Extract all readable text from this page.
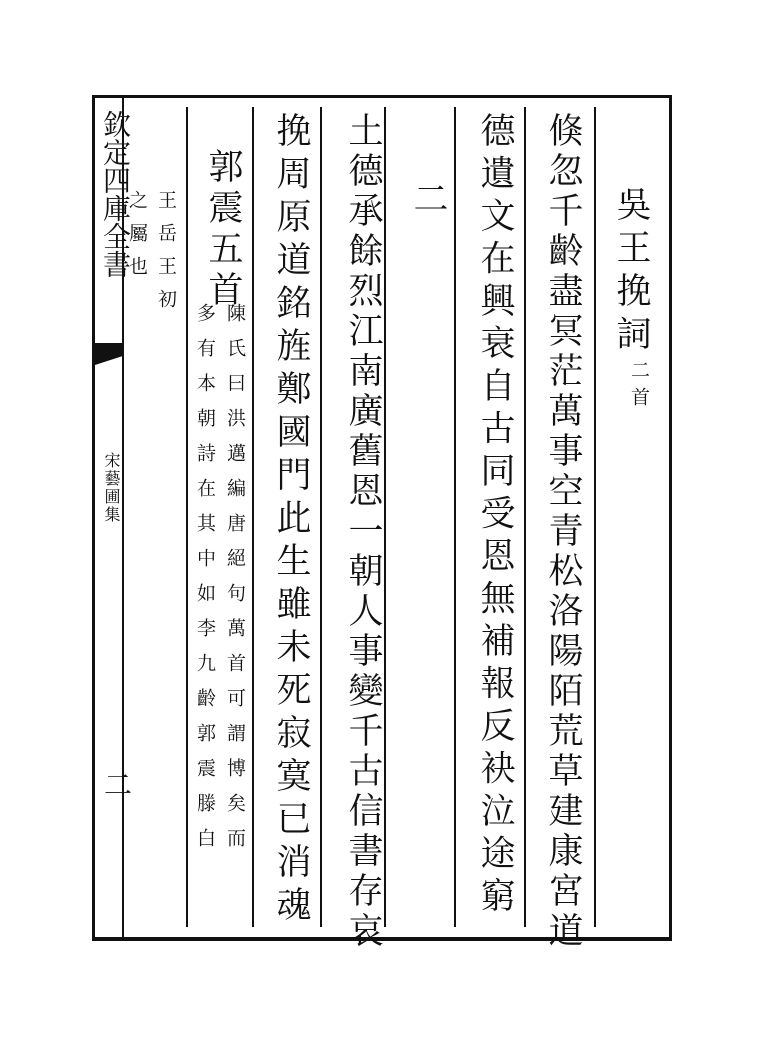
欽定四庫全書
宋藝圃集
二	倏忽千齡盡冥茫萬事空青松洛陽陌荒草建康宮道 吳王挽詞
二首
德遺文在興衰自古同受恩無補報反袂泣途窮
二
土德承餘烈江南廣舊恩一朝人事變千古信書存哀
挽周原道銘旌鄭國門此生雖未死寂寞已消魂
郭震五首
陳氏曰洪邁編唐絕句萬首可謂博矣而
多有本朝詩在其中如李九齡郭震滕白
王岳王初
之屬也
